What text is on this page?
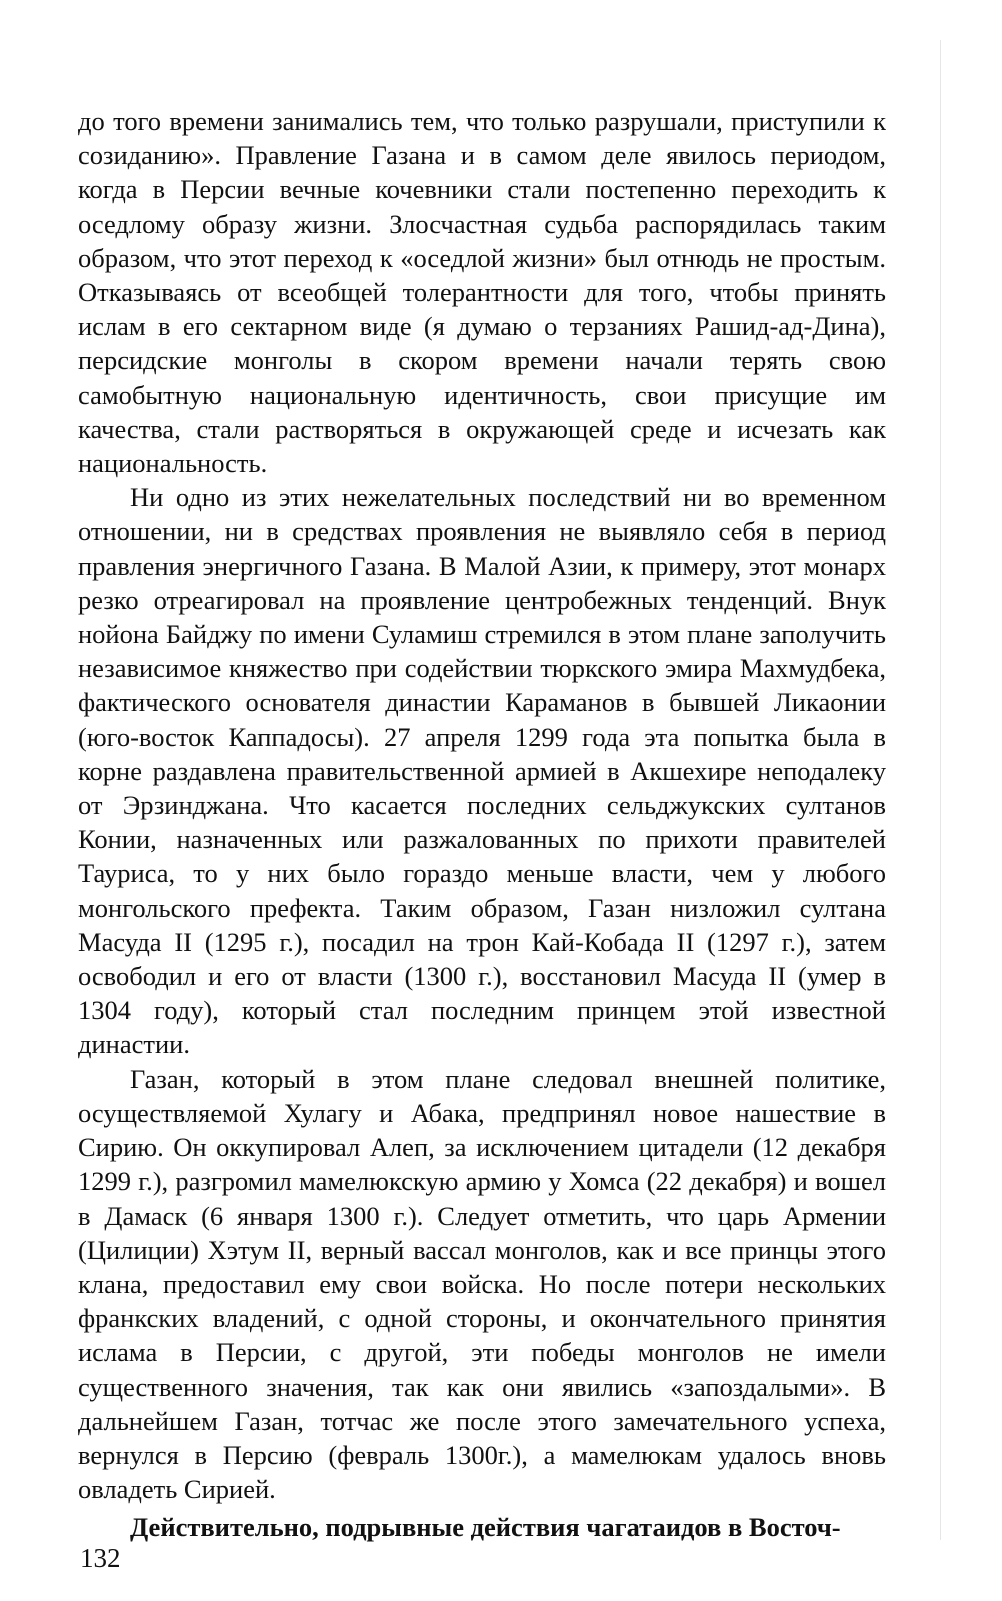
до того времени занимались тем, что только разрушали, приступили к созиданию». Правление Газана и в самом деле явилось периодом, когда в Персии вечные кочевники стали постепенно переходить к оседлому образу жизни. Злосчастная судьба распорядилась таким образом, что этот переход к «оседлой жизни» был отнюдь не простым. Отказываясь от всеобщей толерантности для того, чтобы принять ислам в его сектарном виде (я думаю о терзаниях Рашид-ад-Дина), персидские монголы в скором времени начали терять свою самобытную национальную идентичность, свои присущие им качества, стали растворяться в окружающей среде и исчезать как национальность.

Ни одно из этих нежелательных последствий ни во временном отношении, ни в средствах проявления не выявляло себя в период правления энергичного Газана. В Малой Азии, к примеру, этот монарх резко отреагировал на проявление центробежных тенденций. Внук нойона Байджу по имени Суламиш стремился в этом плане заполучить независимое княжество при содействии тюркского эмира Махмудбека, фактического основателя династии Караманов в бывшей Ликаонии (юго-восток Каппадосы). 27 апреля 1299 года эта попытка была в корне раздавлена правительственной армией в Акшехире неподалеку от Эрзинджана. Что касается последних сельджукских султанов Конии, назначенных или разжалованных по прихоти правителей Тауриса, то у них было гораздо меньше власти, чем у любого монгольского префекта. Таким образом, Газан низложил султана Масуда II (1295 г.), посадил на трон Кай-Кобада II (1297 г.), затем освободил и его от власти (1300 г.), восстановил Масуда II (умер в 1304 году), который стал последним принцем этой известной династии.

Газан, который в этом плане следовал внешней политике, осуществляемой Хулагу и Абака, предпринял новое нашествие в Сирию. Он оккупировал Алеп, за исключением цитадели (12 декабря 1299 г.), разгромил мамелюкскую армию у Хомса (22 декабря) и вошел в Дамаск (6 января 1300 г.). Следует отметить, что царь Армении (Цилиции) Хэтум II, верный вассал монголов, как и все принцы этого клана, предоставил ему свои войска. Но после потери нескольких франкских владений, с одной стороны, и окончательного принятия ислама в Персии, с другой, эти победы монголов не имели существенного значения, так как они явились «запоздалыми». В дальнейшем Газан, тотчас же после этого замечательного успеха, вернулся в Персию (февраль 1300г.), а мамелюкам удалось вновь овладеть Сирией.

Действительно, подрывные действия чагатаидов в Восточ-

132
